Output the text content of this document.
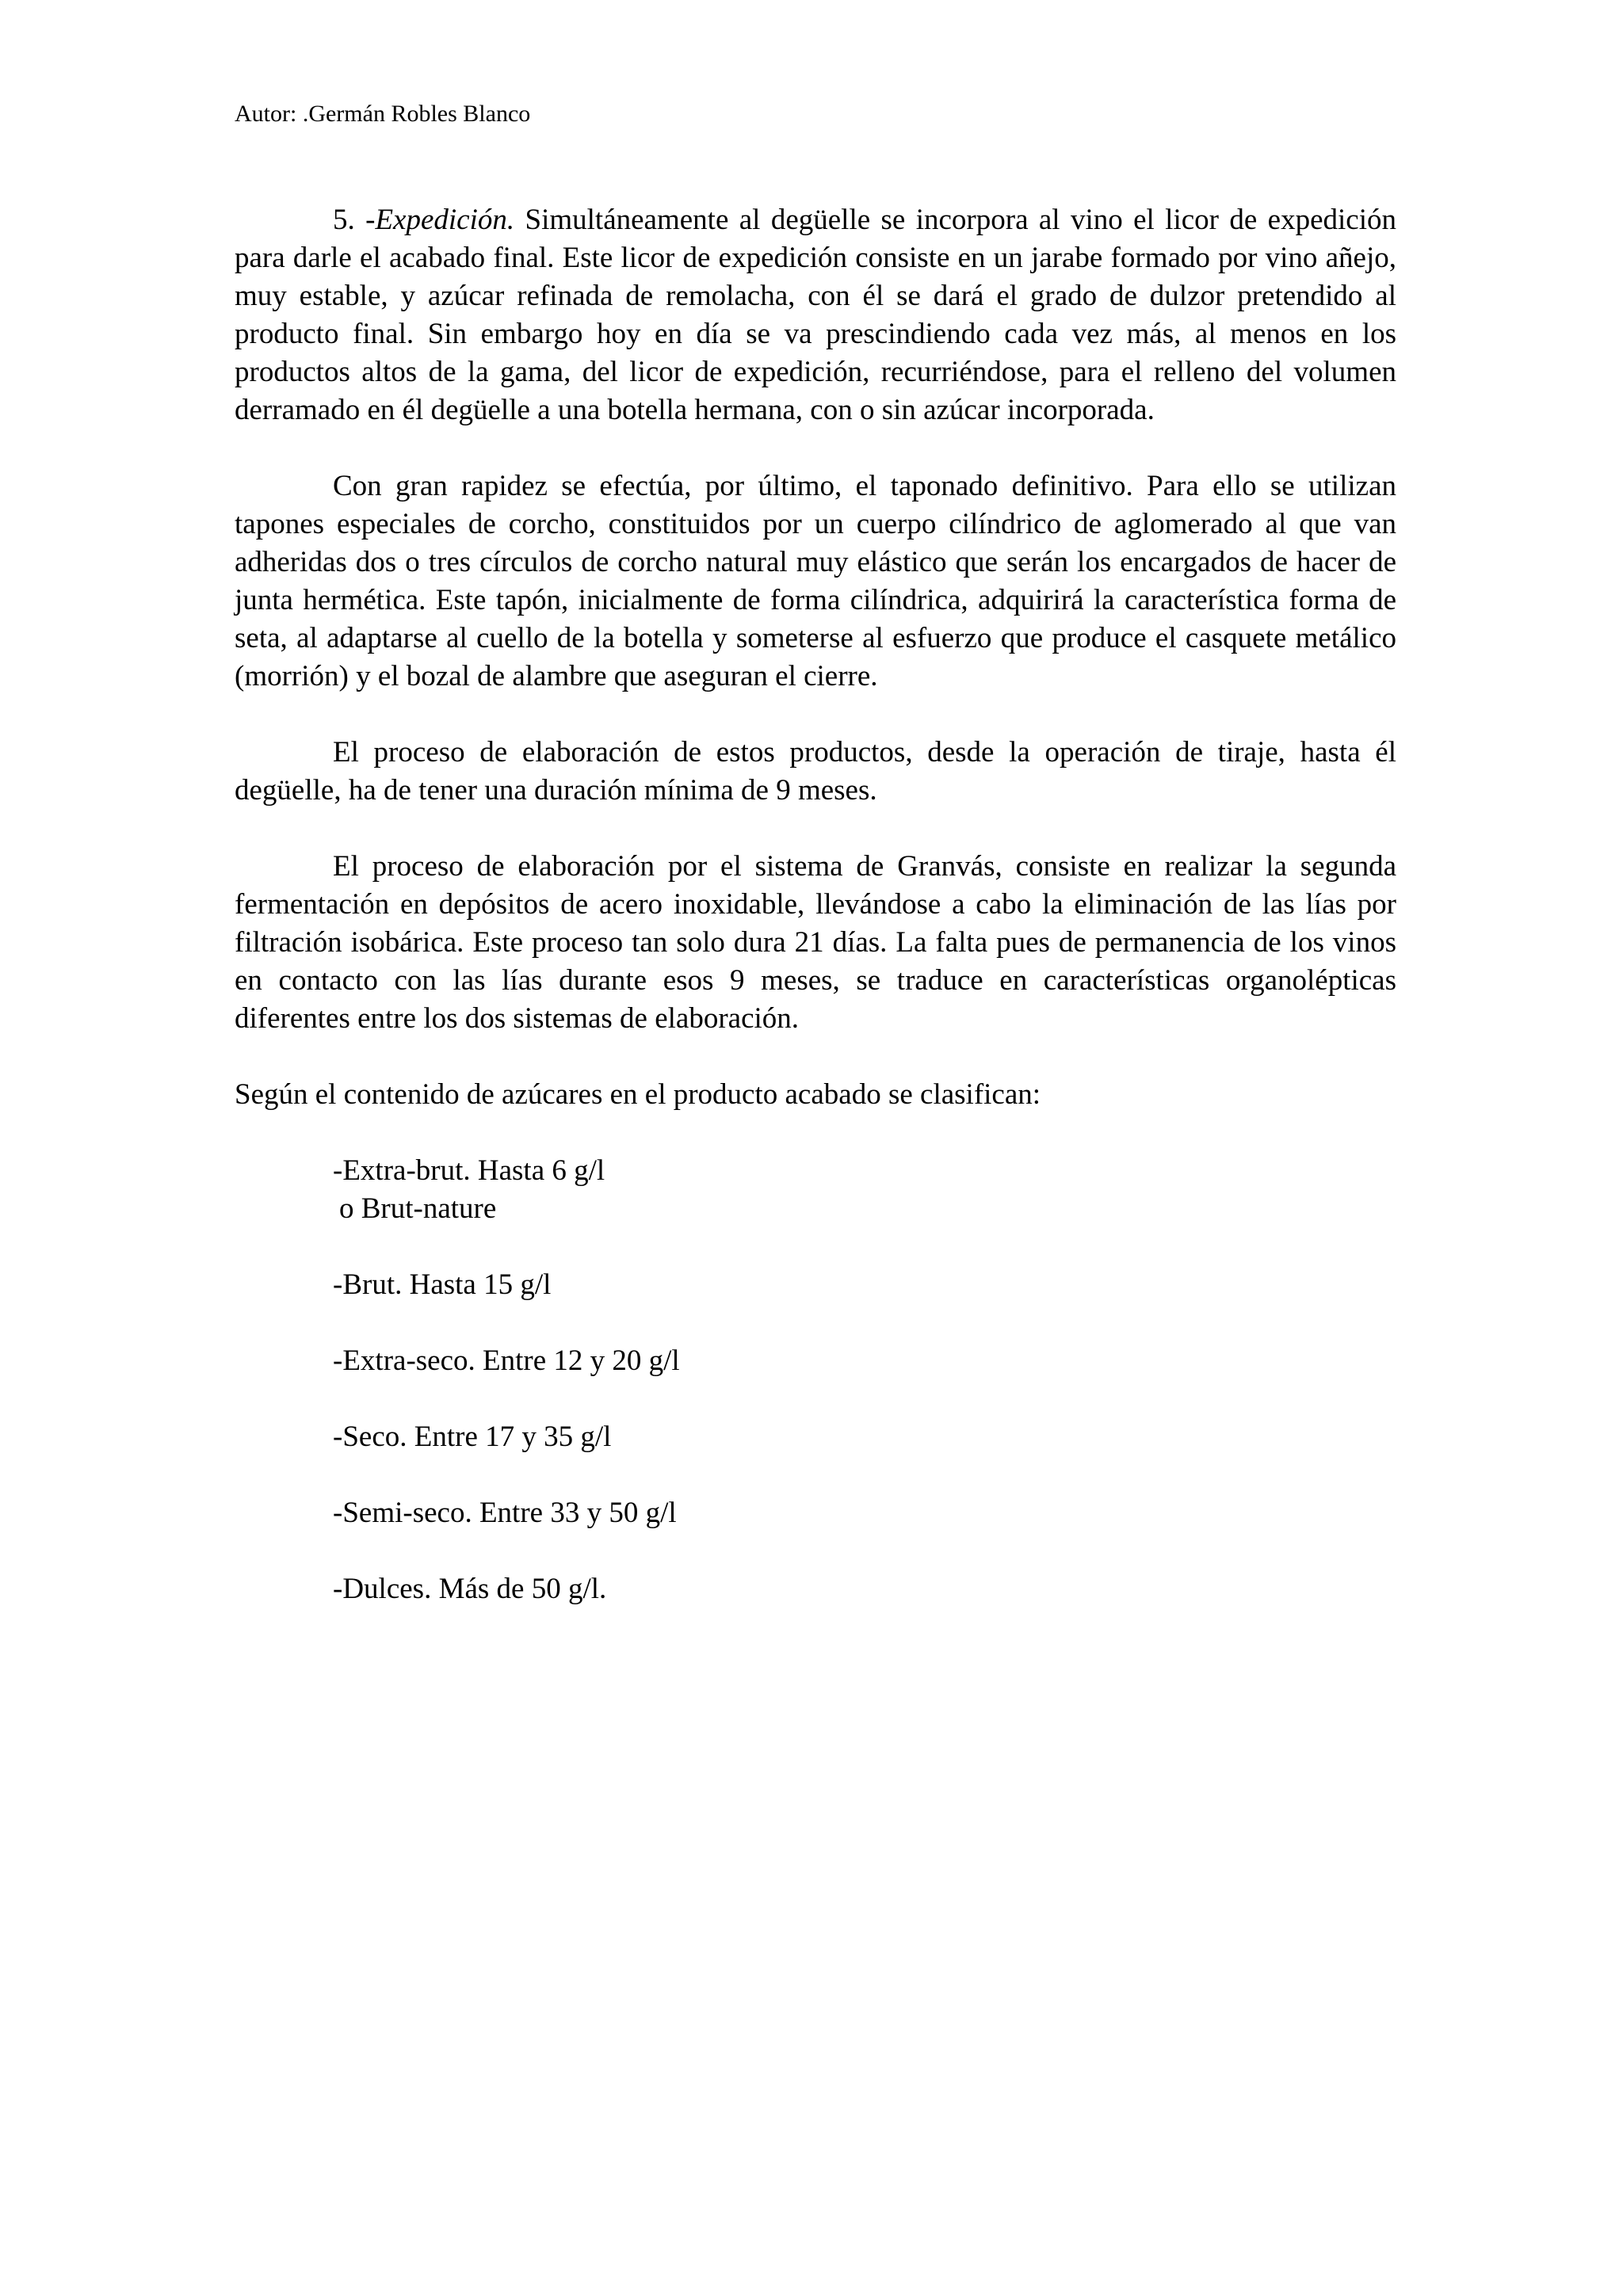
Autor: .Germán Robles Blanco

5. -Expedición. Simultáneamente al degüelle se incorpora al vino el licor de expedición para darle el acabado final. Este licor de expedición consiste en un jarabe formado por vino añejo, muy estable, y azúcar refinada de remolacha, con él se dará el grado de dulzor pretendido al producto final. Sin embargo hoy en día se va prescindiendo cada vez más, al menos en los productos altos de la gama, del licor de expedición, recurriéndose, para el relleno del volumen derramado en él degüelle a una botella hermana, con o sin azúcar incorporada.

Con gran rapidez se efectúa, por último, el taponado definitivo. Para ello se utilizan tapones especiales de corcho, constituidos por un cuerpo cilíndrico de aglomerado al que van adheridas dos o tres círculos de corcho natural muy elástico que serán los encargados de hacer de junta hermética. Este tapón, inicialmente de forma cilíndrica, adquirirá la característica forma de seta, al adaptarse al cuello de la botella y someterse al esfuerzo que produce el casquete metálico (morrión) y el bozal de alambre que aseguran el cierre.

El proceso de elaboración de estos productos, desde la operación de tiraje, hasta él degüelle, ha de tener una duración mínima de 9 meses.

El proceso de elaboración por el sistema de Granvás, consiste en realizar la segunda fermentación en depósitos de acero inoxidable, llevándose a cabo la eliminación de las lías por filtración isobárica. Este proceso tan solo dura 21 días. La falta pues de permanencia de los vinos en contacto con las lías durante esos 9 meses, se traduce en características organolépticas diferentes entre los dos sistemas de elaboración.

Según el contenido de azúcares en el producto acabado se clasifican:

-Extra-brut. Hasta 6 g/l
o Brut-nature
-Brut. Hasta 15 g/l
-Extra-seco. Entre 12 y 20 g/l
-Seco. Entre 17 y 35 g/l
-Semi-seco. Entre 33 y 50 g/l
-Dulces. Más de 50 g/l.
